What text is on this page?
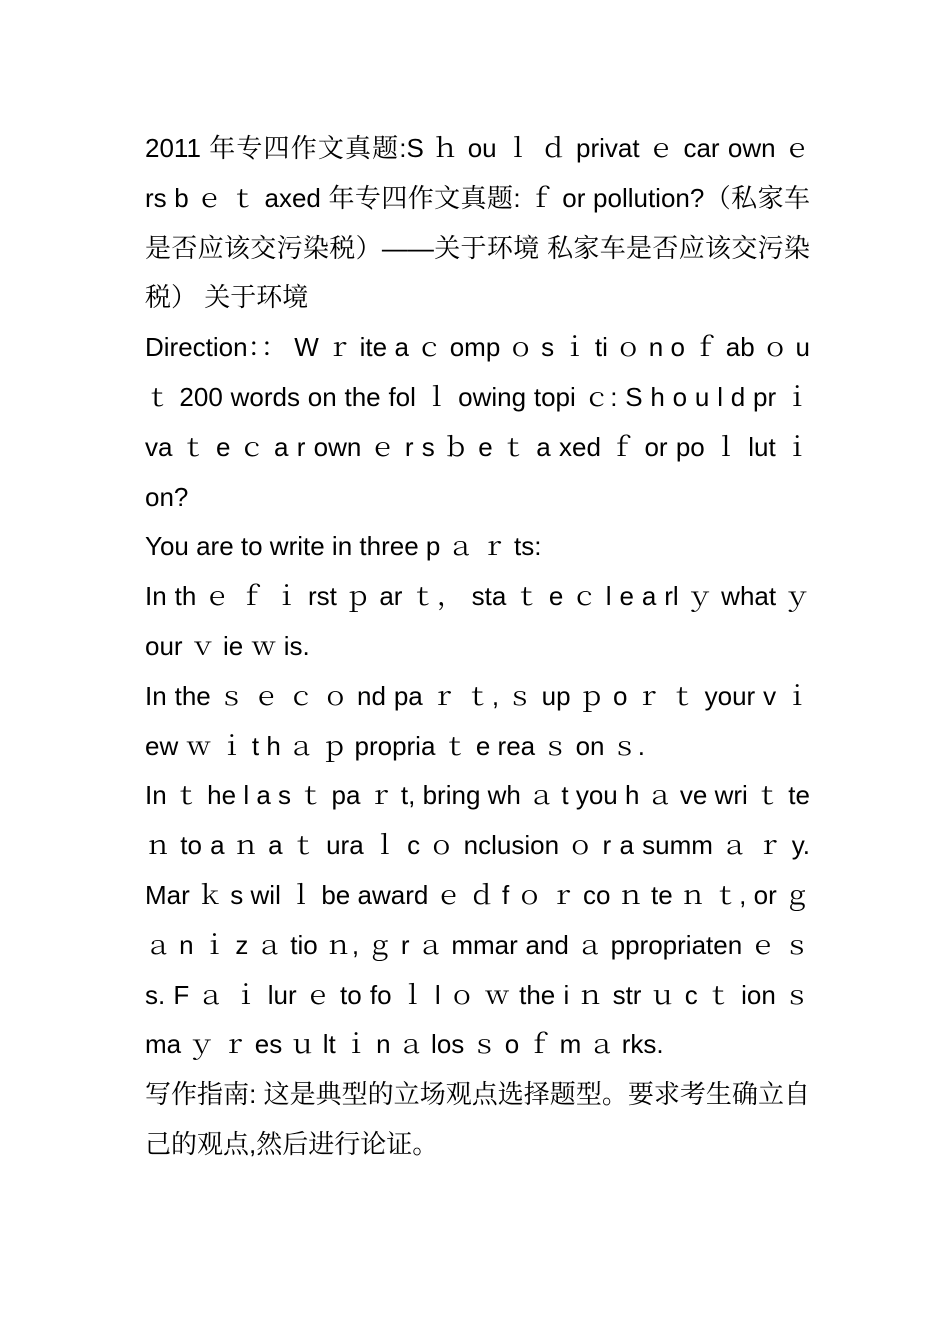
2011 年专四作文真题:S ｈ ou ｌ ｄ privat ｅ car own ｅ rs b ｅ ｔ axed 年专四作文真题: ｆ or pollution?（私家车是否应该交污染税）——关于环境 私家车是否应该交污染税） 关于环境

Direction：： W ｒ ite a ｃ omp ｏ s ｉ ti ｏ n o ｆ ab ｏ u ｔ 200 words on the fol ｌ owing topi ｃ: S h o u l d pr ｉ va ｔ e ｃ a r own ｅ r s ｂ e ｔ a xed ｆ or po ｌ lut ｉ on?

You are to write in three p ａ ｒ ts:

In th ｅ ｆ ｉ rst ｐ ar ｔ， sta ｔ e ｃ l e a rl ｙ what ｙ our ｖ ie ｗ is.

In the ｓ ｅ ｃ ｏ nd pa ｒ ｔ, ｓ up ｐ o ｒ ｔ your v ｉ ew ｗ ｉ t h ａ ｐ propria ｔ e rea ｓ on ｓ.

In ｔ he l a s ｔ pa ｒ t, bring wh ａ t you h ａ ve wri ｔ te ｎ to a ｎ a ｔ ura ｌ c ｏ nclusion ｏ r a summ ａ ｒ y. Mar ｋ s wil ｌ be award ｅ ｄ f ｏ ｒ co ｎ te ｎ ｔ, or ｇ ａ n ｉ z ａ tio ｎ, ｇ r ａ mmar and ａ ppropriaten ｅ ｓ s. F ａ ｉ lur ｅ to fo ｌ l ｏ ｗ the i ｎ str ｕ c ｔ ion ｓ ma ｙ ｒ es ｕ lt ｉ n ａ los ｓ o ｆ m ａ rks.

写作指南: 这是典型的立场观点选择题型。要求考生确立自己的观点,然后进行论证。
